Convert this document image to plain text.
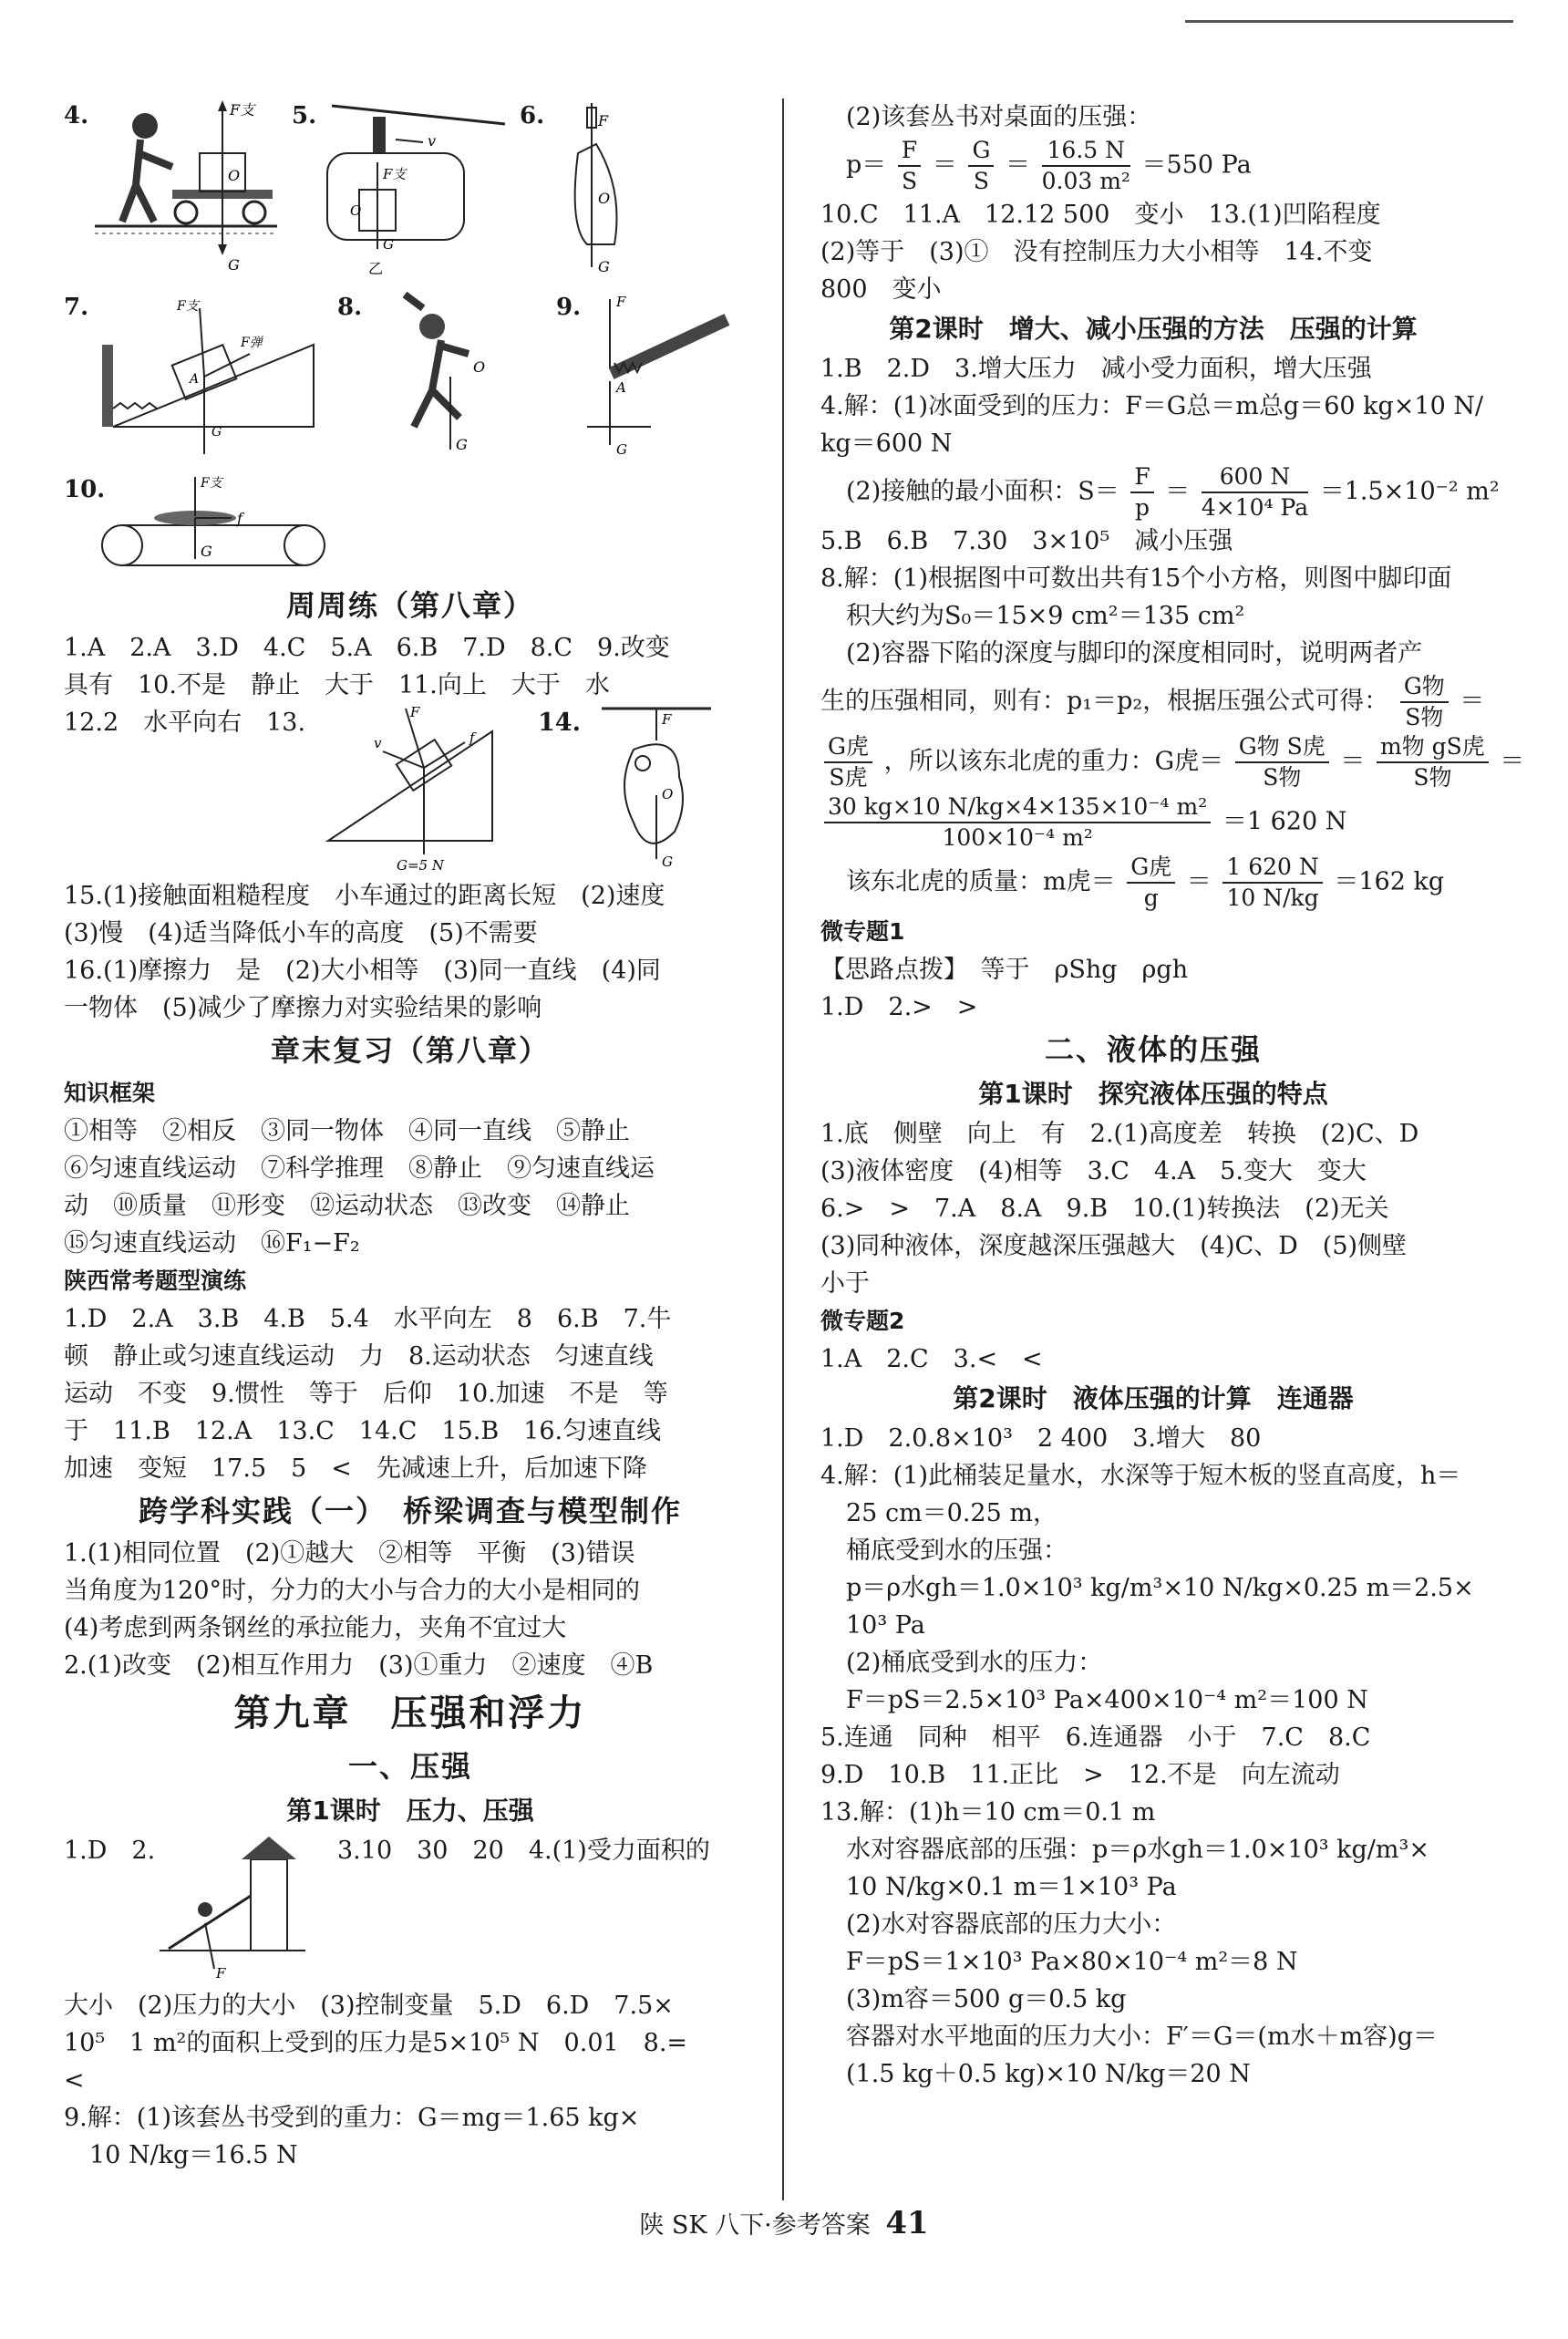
4.	F支
O
G
5.
v
F支
O
G
乙
6.	F
O
G
7.	F支
F弹
A
G
8.
O
G
9.	F
A
G
10.	F支
f
G
周周练（第八章）
1.A　2.A　3.D　4.C　5.A　6.B　7.D　8.C　9.改变
具有　10.不是　静止　大于　11.向上　大于　水
12.2　水平向右　13.	F
v	f
G=5 N
14.	F
O
G
15.(1)接触面粗糙程度　小车通过的距离长短　(2)速度
(3)慢　(4)适当降低小车的高度　(5)不需要
16.(1)摩擦力　是　(2)大小相等　(3)同一直线　(4)同
一物体　(5)减少了摩擦力对实验结果的影响
章末复习（第八章）
知识框架
①相等　②相反　③同一物体　④同一直线　⑤静止
⑥匀速直线运动　⑦科学推理　⑧静止　⑨匀速直线运
动　⑩质量　⑪形变　⑫运动状态　⑬改变　⑭静止
⑮匀速直线运动　⑯F₁−F₂
陕西常考题型演练
1.D　2.A　3.B　4.B　5.4　水平向左　8　6.B　7.牛
顿　静止或匀速直线运动　力　8.运动状态　匀速直线
运动　不变　9.惯性　等于　后仰　10.加速　不是　等
于　11.B　12.A　13.C　14.C　15.B　16.匀速直线
加速　变短　17.5　5　<　先减速上升，后加速下降
跨学科实践（一）　桥梁调查与模型制作
1.(1)相同位置　(2)①越大　②相等　平衡　(3)错误
当角度为120°时，分力的大小与合力的大小是相同的
(4)考虑到两条钢丝的承拉能力，夹角不宜过大
2.(1)改变　(2)相互作用力　(3)①重力　②速度　④B
第九章　压强和浮力
一、压强
第1课时　压力、压强
1.D　2.
F
3.10　30　20　4.(1)受力面积的
大小　(2)压力的大小　(3)控制变量　5.D　6.D　7.5×
10⁵　1 m²的面积上受到的压力是5×10⁵ N　0.01　8.=
<
9.解：(1)该套丛书受到的重力：G＝mg＝1.65 kg×
10 N/kg＝16.5 N
(2)该套丛书对桌面的压强：
$p= \frac{F}{S} = \frac{G}{S} = \frac{16.5 N}{\text{0.03 m²}} =550$ Pa
10.C　11.A　12.12 500　变小　13.(1)凹陷程度
(2)等于　(3)①　没有控制压力大小相等　14.不变
800　变小
第2课时　增大、减小压强的方法　压强的计算
1.B　2.D　3.增大压力　减小受力面积，增大压强
4.解：(1)冰面受到的压力：F＝G总＝m总g＝60 kg×10 N/
kg＝600 N
(2)接触的最小面积：$S= \frac{F}{p} = \frac{600 N}{\text{4×10⁴ Pa}} =1.5\times 10^{-2}$ m²
5.B　6.B　7.30　3×10⁵　减小压强
8.解：(1)根据图中可数出共有15个小方格，则图中脚印面
积大约为S₀＝15×9 cm²＝135 cm²
(2)容器下陷的深度与脚印的深度相同时，说明两者产
生的压强相同，则有：p₁＝p₂，根据压强公式可得： $\frac{\text{G物}}{\text{S物}}$ ＝
$\frac{\text{G虎}}{\text{S虎}}$ ，所以该东北虎的重力：G虎＝ $\frac{\text{G物 S虎}}{\text{S物}} = \frac{\text{m物 gS虎}}{\text{S物}}$ ＝
$\frac{\text{30 kg×10 N/kg×4×135×10⁻⁴ m²}}{\text{100×10⁻⁴ m²}} =1$ 620 N
该东北虎的质量：m虎＝ $\frac{\text{G虎}}{g} = \frac{1 620 N}{10 N/kg} =162$ kg
微专题1
【思路点拨】　等于　ρShg　ρgh
1.D　2.>　>
二、液体的压强
第1课时　探究液体压强的特点
1.底　侧壁　向上　有　2.(1)高度差　转换　(2)C、D
(3)液体密度　(4)相等　3.C　4.A　5.变大　变大
6.>　>　7.A　8.A　9.B　10.(1)转换法　(2)无关
(3)同种液体，深度越深压强越大　(4)C、D　(5)侧壁
小于
微专题2
1.A　2.C　3.<　<
第2课时　液体压强的计算　连通器
1.D　2.0.8×10³　2 400　3.增大　80
4.解：(1)此桶装足量水，水深等于短木板的竖直高度，h＝
25 cm＝0.25 m，
桶底受到水的压强：
p＝ρ水gh＝1.0×10³ kg/m³×10 N/kg×0.25 m＝2.5×
10³ Pa
(2)桶底受到水的压力：
F＝pS＝2.5×10³ Pa×400×10⁻⁴ m²＝100 N
5.连通　同种　相平　6.连通器　小于　7.C　8.C
9.D　10.B　11.正比　>　12.不是　向左流动
13.解：(1)h＝10 cm＝0.1 m
水对容器底部的压强：p＝ρ水gh＝1.0×10³ kg/m³×
10 N/kg×0.1 m＝1×10³ Pa
(2)水对容器底部的压力大小：
F＝pS＝1×10³ Pa×80×10⁻⁴ m²＝8 N
(3)m容＝500 g＝0.5 kg
容器对水平地面的压力大小：F′＝G＝(m水＋m容)g＝
(1.5 kg＋0.5 kg)×10 N/kg＝20 N
陕 SK 八下·参考答案 41
